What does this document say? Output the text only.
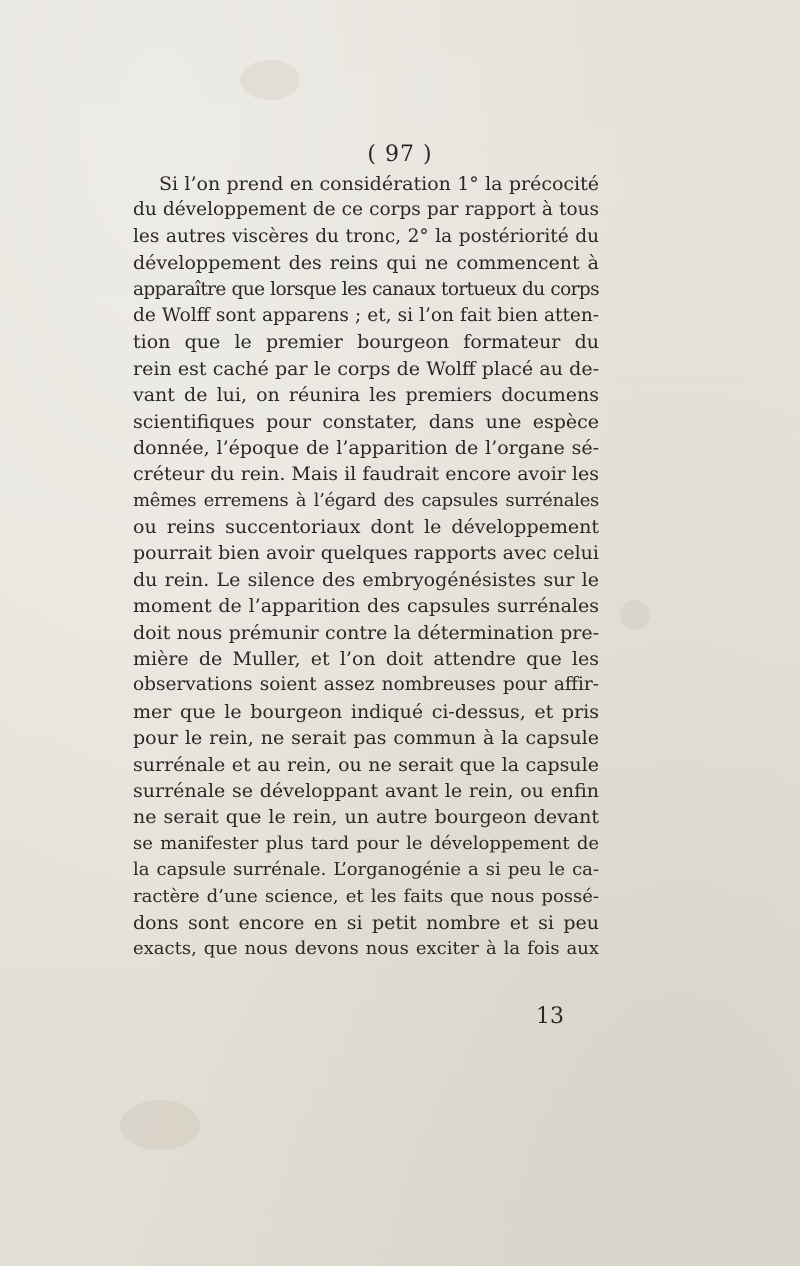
( 97 )
Si l’on prend en considération 1° la précocité
du développement de ce corps par rapport à tous
les autres viscères du tronc, 2° la postériorité du
développement des reins qui ne commencent à
apparaître que lorsque les canaux tortueux du corps
de Wolff sont apparens ; et, si l’on fait bien atten-
tion que le premier bourgeon formateur du
rein est caché par le corps de Wolff placé au de-
vant de lui, on réunira les premiers documens
scientifiques pour constater, dans une espèce
donnée, l’époque de l’apparition de l’organe sé-
créteur du rein. Mais il faudrait encore avoir les
mêmes erremens à l’égard des capsules surrénales
ou reins succentoriaux dont le développement
pourrait bien avoir quelques rapports avec celui
du rein. Le silence des embryogénésistes sur le
moment de l’apparition des capsules surrénales
doit nous prémunir contre la détermination pre-
mière de Muller, et l’on doit attendre que les
observations soient assez nombreuses pour affir-
mer que le bourgeon indiqué ci-dessus, et pris
pour le rein, ne serait pas commun à la capsule
surrénale et au rein, ou ne serait que la capsule
surrénale se développant avant le rein, ou enfin
ne serait que le rein, un autre bourgeon devant
se manifester plus tard pour le développement de
la capsule surrénale. L’organogénie a si peu le ca-
ractère d’une science, et les faits que nous possé-
dons sont encore en si petit nombre et si peu
exacts, que nous devons nous exciter à la fois aux
13
